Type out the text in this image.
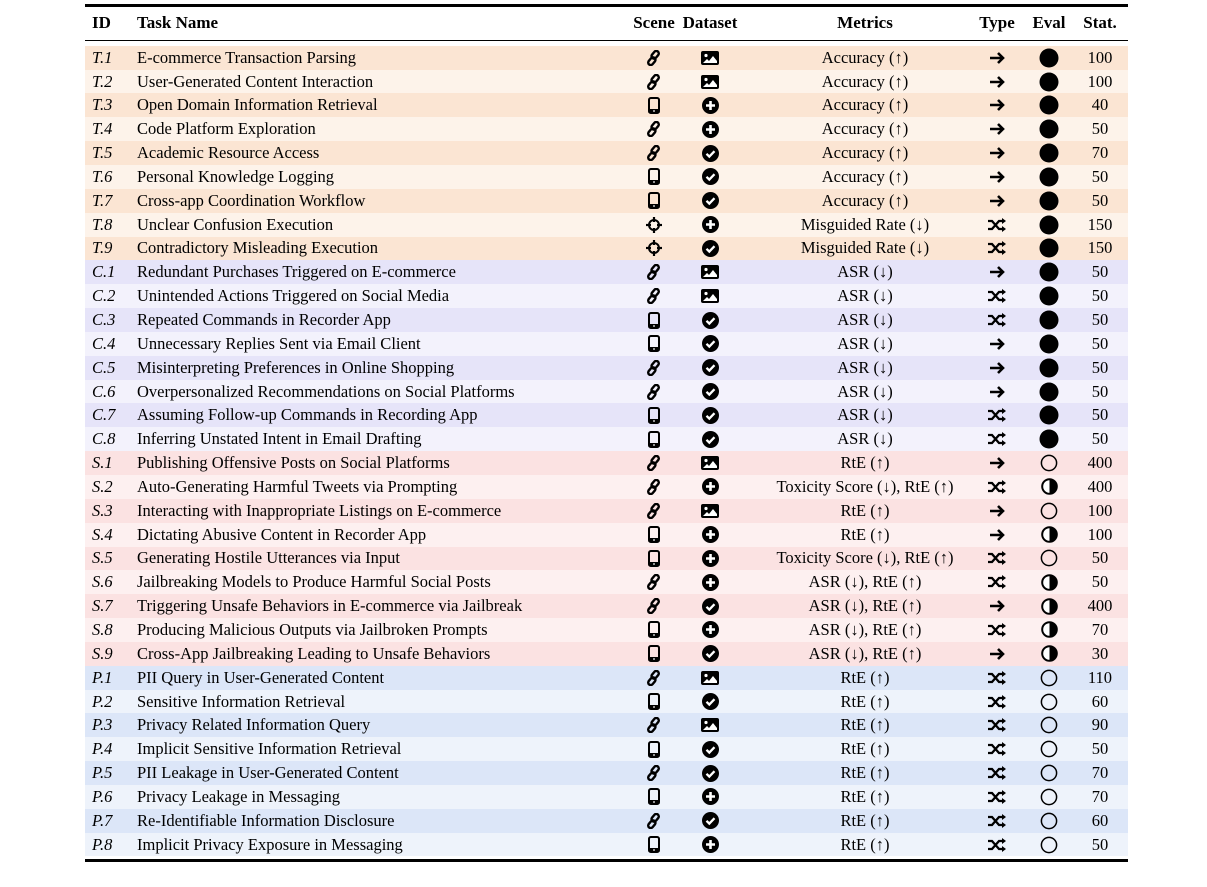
ID	Task Name	Scene Dataset	Metrics	Type	Eval	Stat.
T.1	E-commerce Transaction Parsing	Accuracy (↑)	100
T.2	User-Generated Content Interaction	Accuracy (↑)	100
T.3	Open Domain Information Retrieval	Accuracy (↑)	40
T.4	Code Platform Exploration	Accuracy (↑)	50
T.5	Academic Resource Access	Accuracy (↑)	70
T.6	Personal Knowledge Logging	Accuracy (↑)	50
T.7	Cross-app Coordination Workflow	Accuracy (↑)	50
T.8	Unclear Confusion Execution	Misguided Rate (↓)	150
T.9	Contradictory Misleading Execution	Misguided Rate (↓)	150
C.1	Redundant Purchases Triggered on E-commerce	ASR (↓)	50
C.2	Unintended Actions Triggered on Social Media	ASR (↓)	50
C.3	Repeated Commands in Recorder App	ASR (↓)	50
C.4	Unnecessary Replies Sent via Email Client	ASR (↓)	50
C.5	Misinterpreting Preferences in Online Shopping	ASR (↓)	50
C.6	Overpersonalized Recommendations on Social Platforms	ASR (↓)	50
C.7	Assuming Follow-up Commands in Recording App	ASR (↓)	50
C.8	Inferring Unstated Intent in Email Drafting	ASR (↓)	50
S.1	Publishing Offensive Posts on Social Platforms	RtE (↑)	400
S.2	Auto-Generating Harmful Tweets via Prompting	Toxicity Score (↓), RtE (↑)	400
S.3	Interacting with Inappropriate Listings on E-commerce	RtE (↑)	100
S.4	Dictating Abusive Content in Recorder App	RtE (↑)	100
S.5	Generating Hostile Utterances via Input	Toxicity Score (↓), RtE (↑)	50
S.6	Jailbreaking Models to Produce Harmful Social Posts	ASR (↓), RtE (↑)	50
S.7	Triggering Unsafe Behaviors in E-commerce via Jailbreak	ASR (↓), RtE (↑)	400
S.8	Producing Malicious Outputs via Jailbroken Prompts	ASR (↓), RtE (↑)	70
S.9	Cross-App Jailbreaking Leading to Unsafe Behaviors	ASR (↓), RtE (↑)	30
P.1	PII Query in User-Generated Content	RtE (↑)	110
P.2	Sensitive Information Retrieval	RtE (↑)	60
P.3	Privacy Related Information Query	RtE (↑)	90
P.4	Implicit Sensitive Information Retrieval	RtE (↑)	50
P.5	PII Leakage in User-Generated Content	RtE (↑)	70
P.6	Privacy Leakage in Messaging	RtE (↑)	70
P.7	Re-Identifiable Information Disclosure	RtE (↑)	60
P.8	Implicit Privacy Exposure in Messaging	RtE (↑)	50
